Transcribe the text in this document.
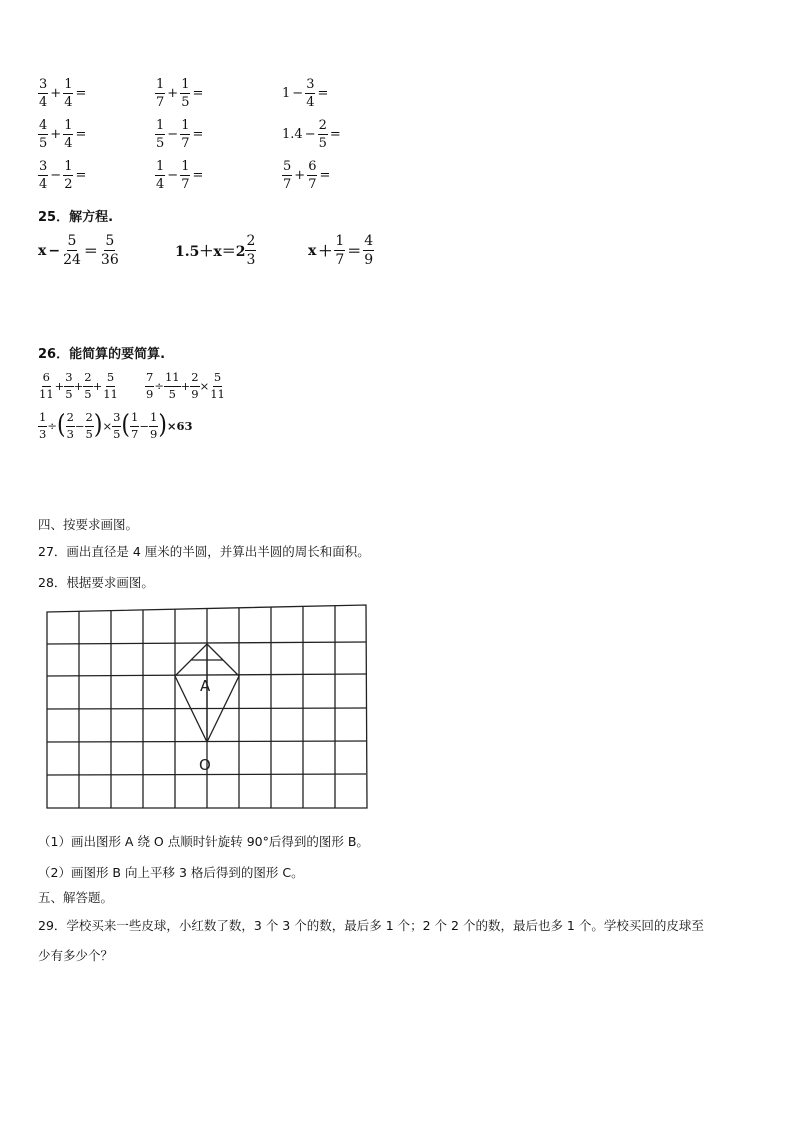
$\frac{3}{4} + \frac{1}{4}$ =	$\frac{1}{7} + \frac{1}{5}$ =	$1 - \frac{3}{4}$ =
$\frac{4}{5} + \frac{1}{4}$ =	$\frac{1}{5} - \frac{1}{7}$ =	$1.4 - \frac{2}{5}$ =
$\frac{3}{4} - \frac{1}{2}$ =	$\frac{1}{4} - \frac{1}{7}$ =	$\frac{5}{7} + \frac{6}{7}$ =
25．解方程.
$x - \frac{5}{24} = \frac{5}{36}$	$1.5+x=2 \frac{2}{3}$	$x + \frac{1}{7} = \frac{4}{9}$
26．能简算的要简算.
$\frac{6}{11} + \frac{3}{5} + \frac{2}{5} + \frac{5}{11} \frac{7}{9} \div \frac{11}{5} + \frac{2}{9} \times \frac{5}{11}$
$\frac{1}{3}$ ÷ ( $\frac{2}{3} - \frac{2}{5}$ ) × $\frac{3}{5}$ ( $\frac{1}{7} - \frac{1}{9}$ ) ×63
四、按要求画图。
27．画出直径是 4 厘米的半圆，并算出半圆的周长和面积。
28．根据要求画图。
A
O
（1）画出图形 A 绕 O 点顺时针旋转 90°后得到的图形 B。
（2）画图形 B 向上平移 3 格后得到的图形 C。
五、解答题。
29．学校买来一些皮球，小红数了数，3 个 3 个的数，最后多 1 个；2 个 2 个的数，最后也多 1 个。学校买回的皮球至
少有多少个？
